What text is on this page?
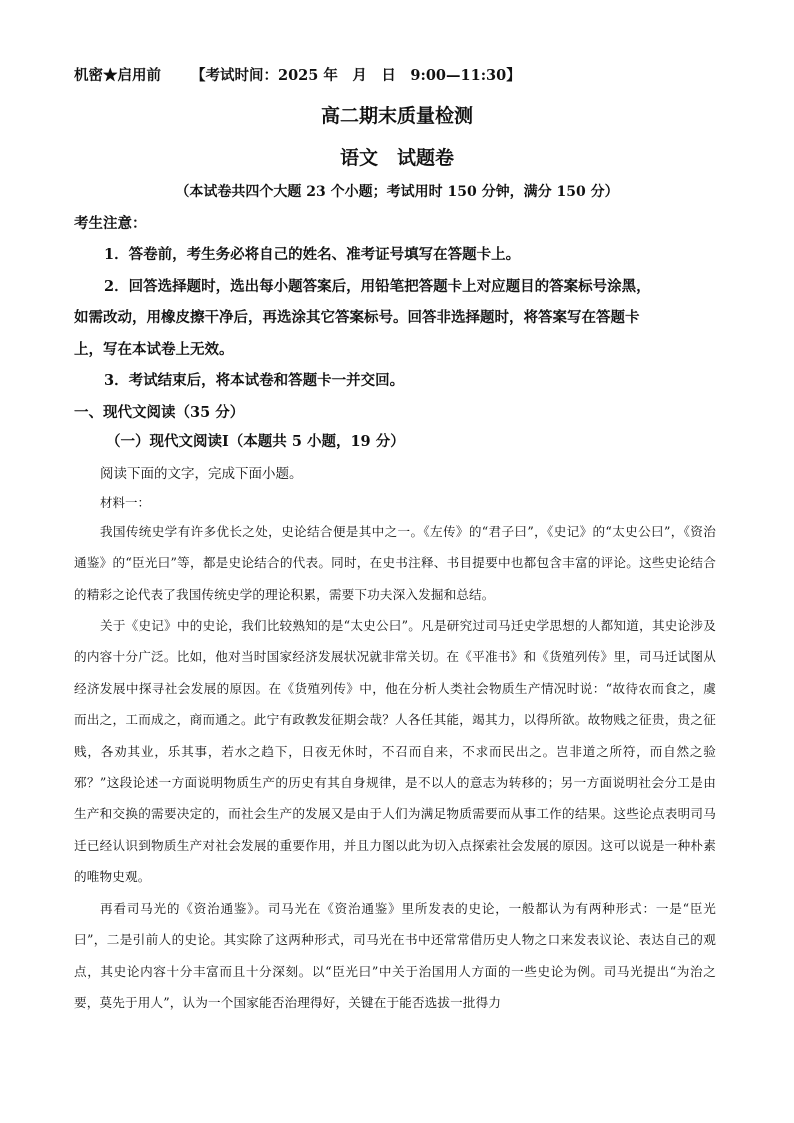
机密★启用前 【考试时间：2025 年　月　日　9:00—11:30】
高二期末质量检测
语文　试题卷
（本试卷共四个大题 23 个小题；考试用时 150 分钟，满分 150 分）
考生注意：
1．答卷前，考生务必将自己的姓名、准考证号填写在答题卡上。
2．回答选择题时，选出每小题答案后，用铅笔把答题卡上对应题目的答案标号涂黑，
如需改动，用橡皮擦干净后，再选涂其它答案标号。回答非选择题时，将答案写在答题卡
上，写在本试卷上无效。
3．考试结束后，将本试卷和答题卡一并交回。
一、现代文阅读（35 分）
（一）现代文阅读Ⅰ（本题共 5 小题，19 分）
阅读下面的文字，完成下面小题。
材料一：
我国传统史学有许多优长之处，史论结合便是其中之一。《左传》的“君子曰”，《史记》的“太史公曰”，《资治通鉴》的“臣光曰”等，都是史论结合的代表。同时，在史书注释、书目提要中也都包含丰富的评论。这些史论结合的精彩之论代表了我国传统史学的理论积累，需要下功夫深入发掘和总结。
关于《史记》中的史论，我们比较熟知的是“太史公曰”。凡是研究过司马迁史学思想的人都知道，其史论涉及的内容十分广泛。比如，他对当时国家经济发展状况就非常关切。在《平准书》和《货殖列传》里，司马迁试图从经济发展中探寻社会发展的原因。在《货殖列传》中，他在分析人类社会物质生产情况时说：“故待农而食之，虞而出之，工而成之，商而通之。此宁有政教发征期会哉？人各任其能，竭其力，以得所欲。故物贱之征贵，贵之征贱，各劝其业，乐其事，若水之趋下，日夜无休时，不召而自来，不求而民出之。岂非道之所符，而自然之验邪？”这段论述一方面说明物质生产的历史有其自身规律，是不以人的意志为转移的；另一方面说明社会分工是由生产和交换的需要决定的，而社会生产的发展又是由于人们为满足物质需要而从事工作的结果。这些论点表明司马迁已经认识到物质生产对社会发展的重要作用，并且力图以此为切入点探索社会发展的原因。这可以说是一种朴素的唯物史观。
再看司马光的《资治通鉴》。司马光在《资治通鉴》里所发表的史论，一般都认为有两种形式：一是“臣光曰”，二是引前人的史论。其实除了这两种形式，司马光在书中还常常借历史人物之口来发表议论、表达自己的观点，其史论内容十分丰富而且十分深刻。以“臣光曰”中关于治国用人方面的一些史论为例。司马光提出“为治之要，莫先于用人”，认为一个国家能否治理得好，关键在于能否选拔一批得力
